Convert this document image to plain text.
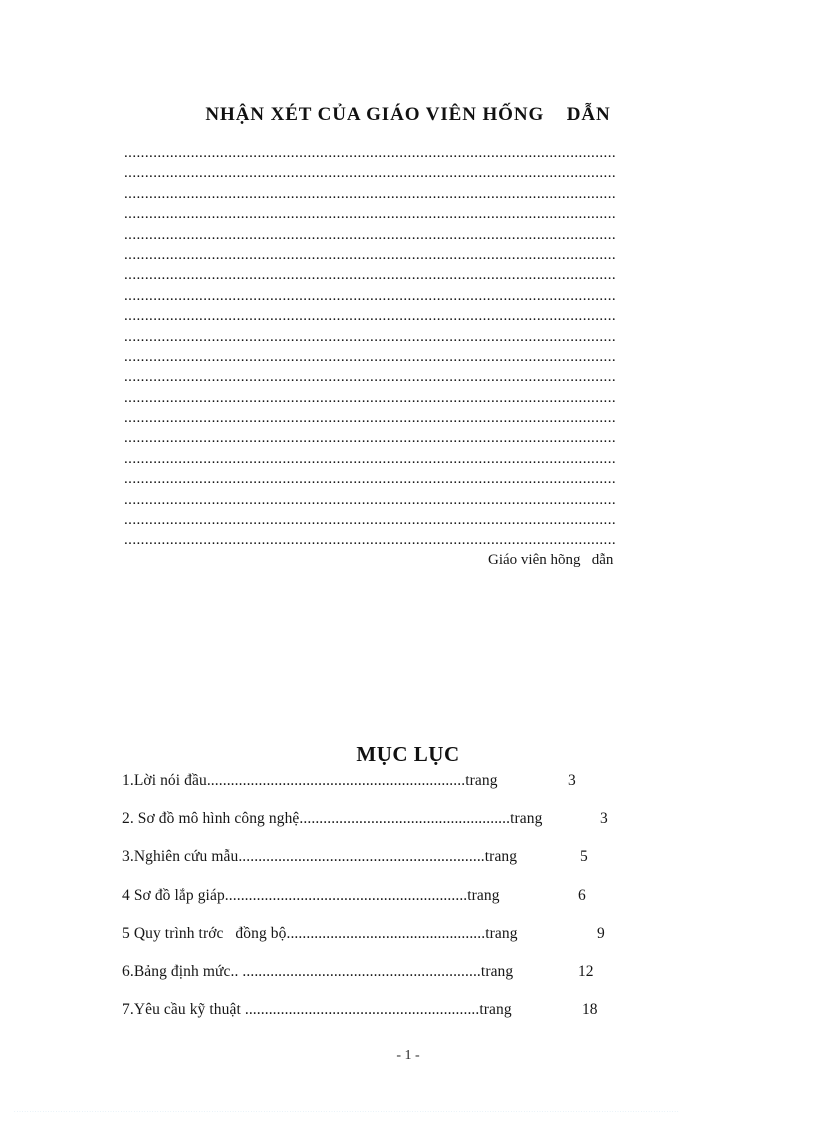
NHẬN XÉT CỦA GIÁO VIÊN HỐNG    DẪN
......................................................................................................................
......................................................................................................................
......................................................................................................................
......................................................................................................................
......................................................................................................................
......................................................................................................................
......................................................................................................................
......................................................................................................................
......................................................................................................................
......................................................................................................................
......................................................................................................................
......................................................................................................................
......................................................................................................................
......................................................................................................................
......................................................................................................................
......................................................................................................................
......................................................................................................................
......................................................................................................................
......................................................................................................................
......................................................................................................................
Giáo viên hõng   dẫn
MỤC LỤC
1.Lời nói đầu.................................................................trang	3
2. Sơ đồ mô hình công nghệ.....................................................trang	3
3.Nghiên cứu mẫu..............................................................trang	5
4 Sơ đồ lắp giáp.............................................................trang	6
5 Quy trình trớc   đồng bộ..................................................trang	9
6.Bảng định mức.. ............................................................trang	12
7.Yêu cầu kỹ thuật ...........................................................trang	18
- 1 -
